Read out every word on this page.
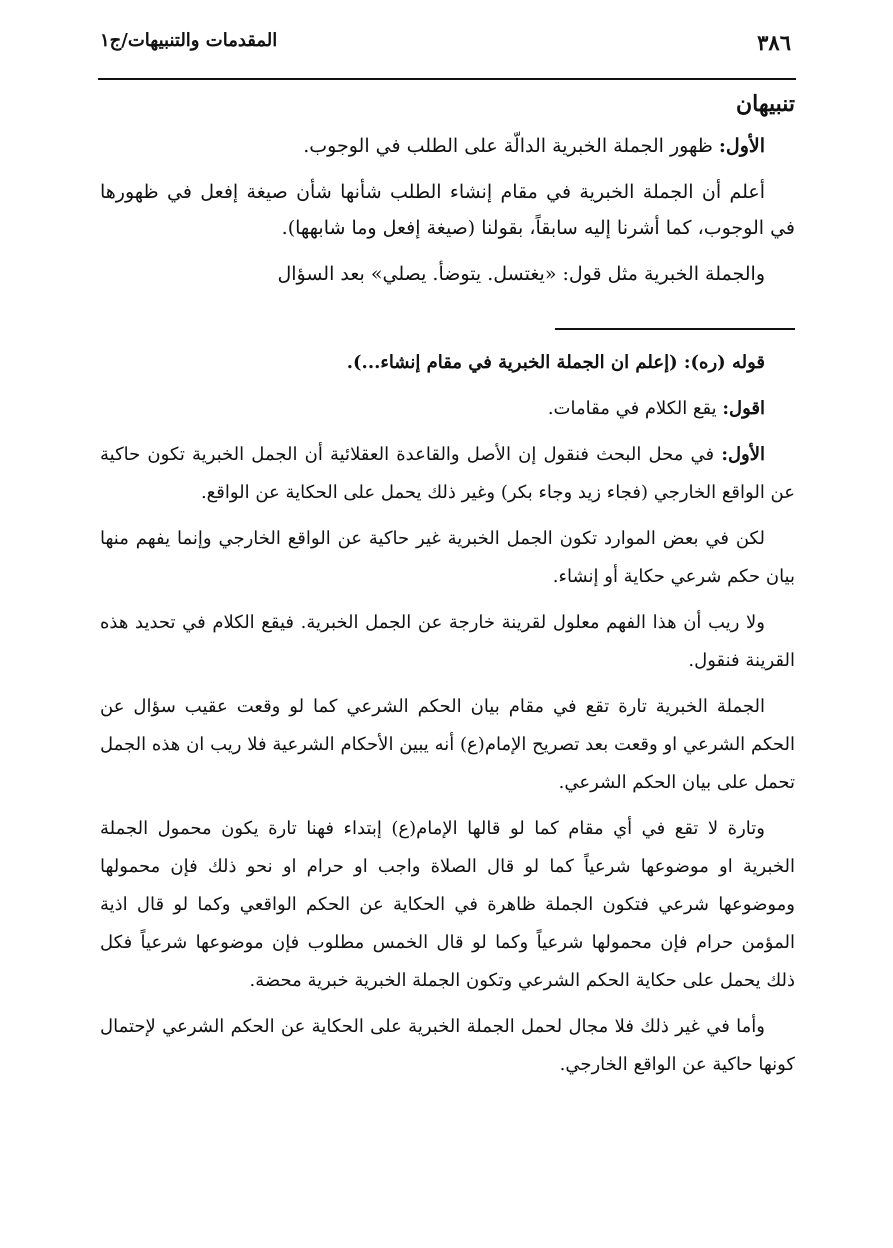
٣٨٦
المقدمات والتنبيهات/ج١
تنبيهان

الأول: ظهور الجملة الخبرية الدالّة على الطلب في الوجوب.

أعلم أن الجملة الخبرية في مقام إنشاء الطلب شأنها شأن صيغة إفعل في ظهورها في الوجوب، كما أشرنا إليه سابقاً، بقولنا (صيغة إفعل وما شابهها).

والجملة الخبرية مثل قول: «يغتسل. يتوضأ. يصلي» بعد السؤال

قوله (ره): (إعلم ان الجملة الخبرية في مقام إنشاء...).

اقول: يقع الكلام في مقامات.

الأول: في محل البحث فنقول إن الأصل والقاعدة العقلائية أن الجمل الخبرية تكون حاكية عن الواقع الخارجي (فجاء زيد وجاء بكر) وغير ذلك يحمل على الحكاية عن الواقع.

لكن في بعض الموارد تكون الجمل الخبرية غير حاكية عن الواقع الخارجي وإنما يفهم منها بيان حكم شرعي حكاية أو إنشاء.

ولا ريب أن هذا الفهم معلول لقرينة خارجة عن الجمل الخبرية. فيقع الكلام في تحديد هذه القرينة فنقول.

الجملة الخبرية تارة تقع في مقام بيان الحكم الشرعي كما لو وقعت عقيب سؤال عن الحكم الشرعي او وقعت بعد تصريح الإمام(ع) أنه يبين الأحكام الشرعية فلا ريب ان هذه الجمل تحمل على بيان الحكم الشرعي.

وتارة لا تقع في أي مقام كما لو قالها الإمام(ع) إبتداء فهنا تارة يكون محمول الجملة الخبرية او موضوعها شرعياً كما لو قال الصلاة واجب او حرام او نحو ذلك فإن محمولها وموضوعها شرعي فتكون الجملة ظاهرة في الحكاية عن الحكم الواقعي وكما لو قال اذية المؤمن حرام فإن محمولها شرعياً وكما لو قال الخمس مطلوب فإن موضوعها شرعياً فكل ذلك يحمل على حكاية الحكم الشرعي وتكون الجملة الخبرية خبرية محضة.

وأما في غير ذلك فلا مجال لحمل الجملة الخبرية على الحكاية عن الحكم الشرعي لإحتمال كونها حاكية عن الواقع الخارجي.
